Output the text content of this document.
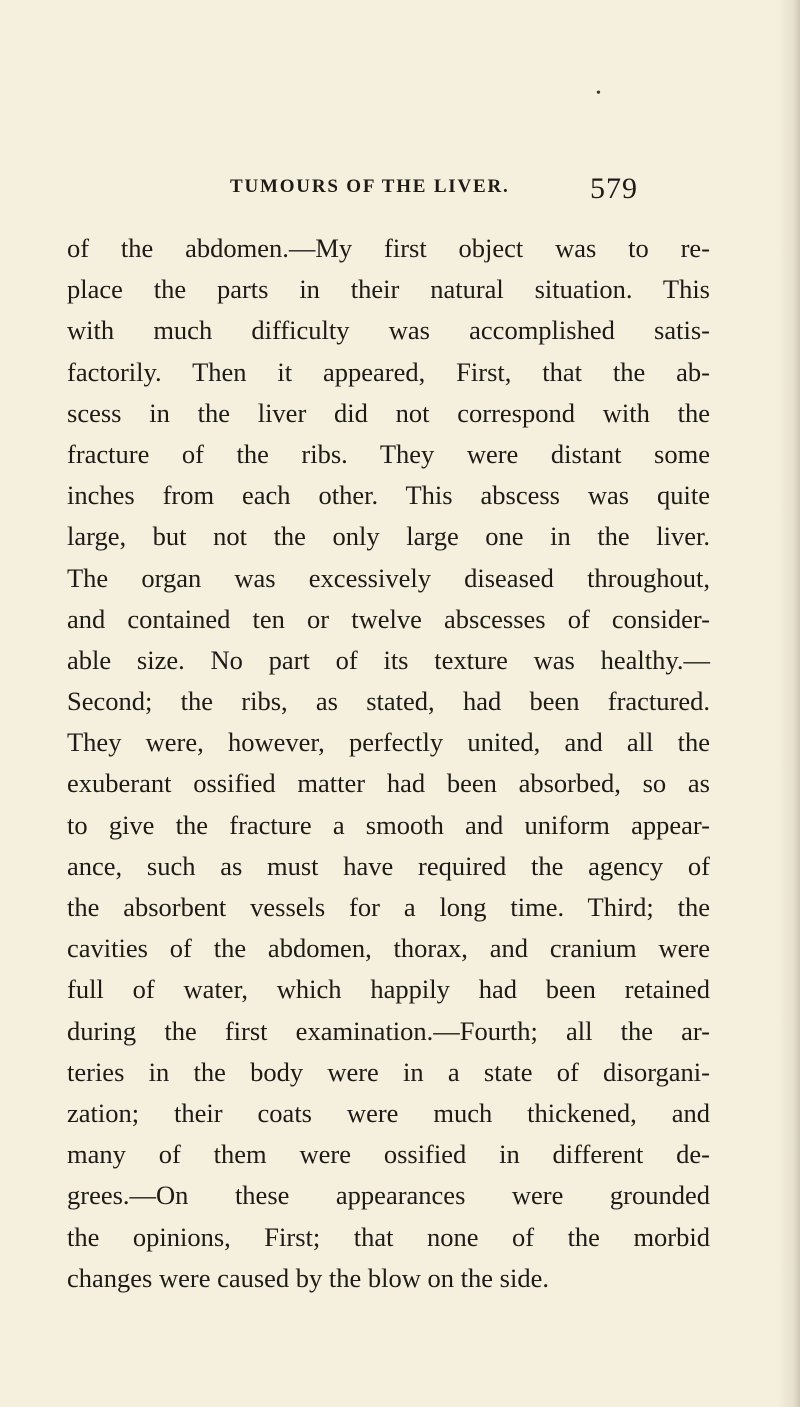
•
TUMOURS OF THE LIVER.	579
of the abdomen.—My first object was to re-
place the parts in their natural situation. This
with much difficulty was accomplished satis-
factorily. Then it appeared, First, that the ab-
scess in the liver did not correspond with the
fracture of the ribs. They were distant some
inches from each other. This abscess was quite
large, but not the only large one in the liver.
The organ was excessively diseased throughout,
and contained ten or twelve abscesses of consider-
able size. No part of its texture was healthy.—
Second; the ribs, as stated, had been fractured.
They were, however, perfectly united, and all the
exuberant ossified matter had been absorbed, so as
to give the fracture a smooth and uniform appear-
ance, such as must have required the agency of
the absorbent vessels for a long time. Third; the
cavities of the abdomen, thorax, and cranium were
full of water, which happily had been retained
during the first examination.—Fourth; all the ar-
teries in the body were in a state of disorgani-
zation; their coats were much thickened, and
many of them were ossified in different de-
grees.—On these appearances were grounded
the opinions, First; that none of the morbid
changes were caused by the blow on the side.
